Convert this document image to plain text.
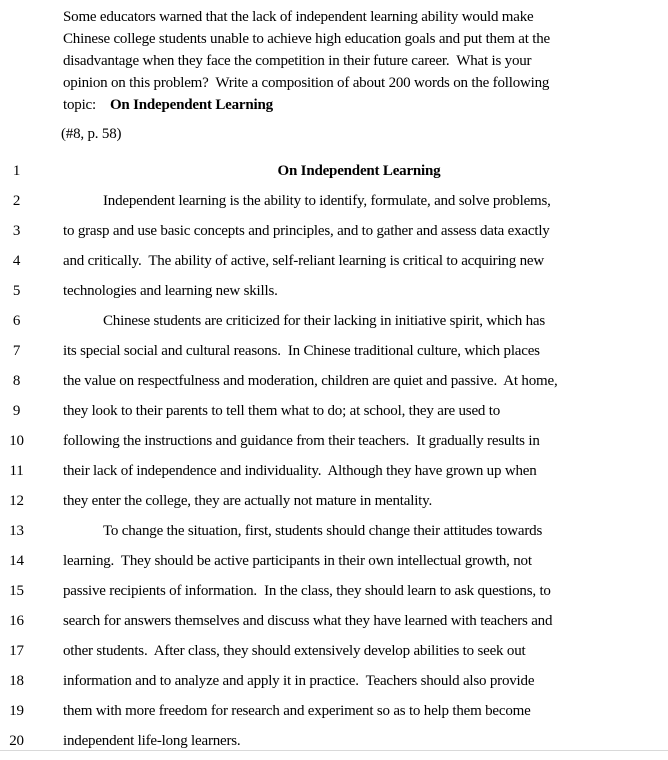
Some educators warned that the lack of independent learning ability would make
Chinese college students unable to achieve high education goals and put them at the
disadvantage when they face the competition in their future career.  What is your
opinion on this problem?  Write a composition of about 200 words on the following
topic: On Independent Learning
(#8, p. 58)
1	On Independent Learning
2	Independent learning is the ability to identify, formulate, and solve problems,
3	to grasp and use basic concepts and principles, and to gather and assess data exactly
4	and critically.  The ability of active, self-reliant learning is critical to acquiring new
5	technologies and learning new skills.
6	Chinese students are criticized for their lacking in initiative spirit, which has
7	its special social and cultural reasons.  In Chinese traditional culture, which places
8	the value on respectfulness and moderation, children are quiet and passive.  At home,
9	they look to their parents to tell them what to do; at school, they are used to
10	following the instructions and guidance from their teachers.  It gradually results in
11	their lack of independence and individuality.  Although they have grown up when
12	they enter the college, they are actually not mature in mentality.
13	To change the situation, first, students should change their attitudes towards
14	learning.  They should be active participants in their own intellectual growth, not
15	passive recipients of information.  In the class, they should learn to ask questions, to
16	search for answers themselves and discuss what they have learned with teachers and
17	other students.  After class, they should extensively develop abilities to seek out
18	information and to analyze and apply it in practice.  Teachers should also provide
19	them with more freedom for research and experiment so as to help them become
20	independent life-long learners.
